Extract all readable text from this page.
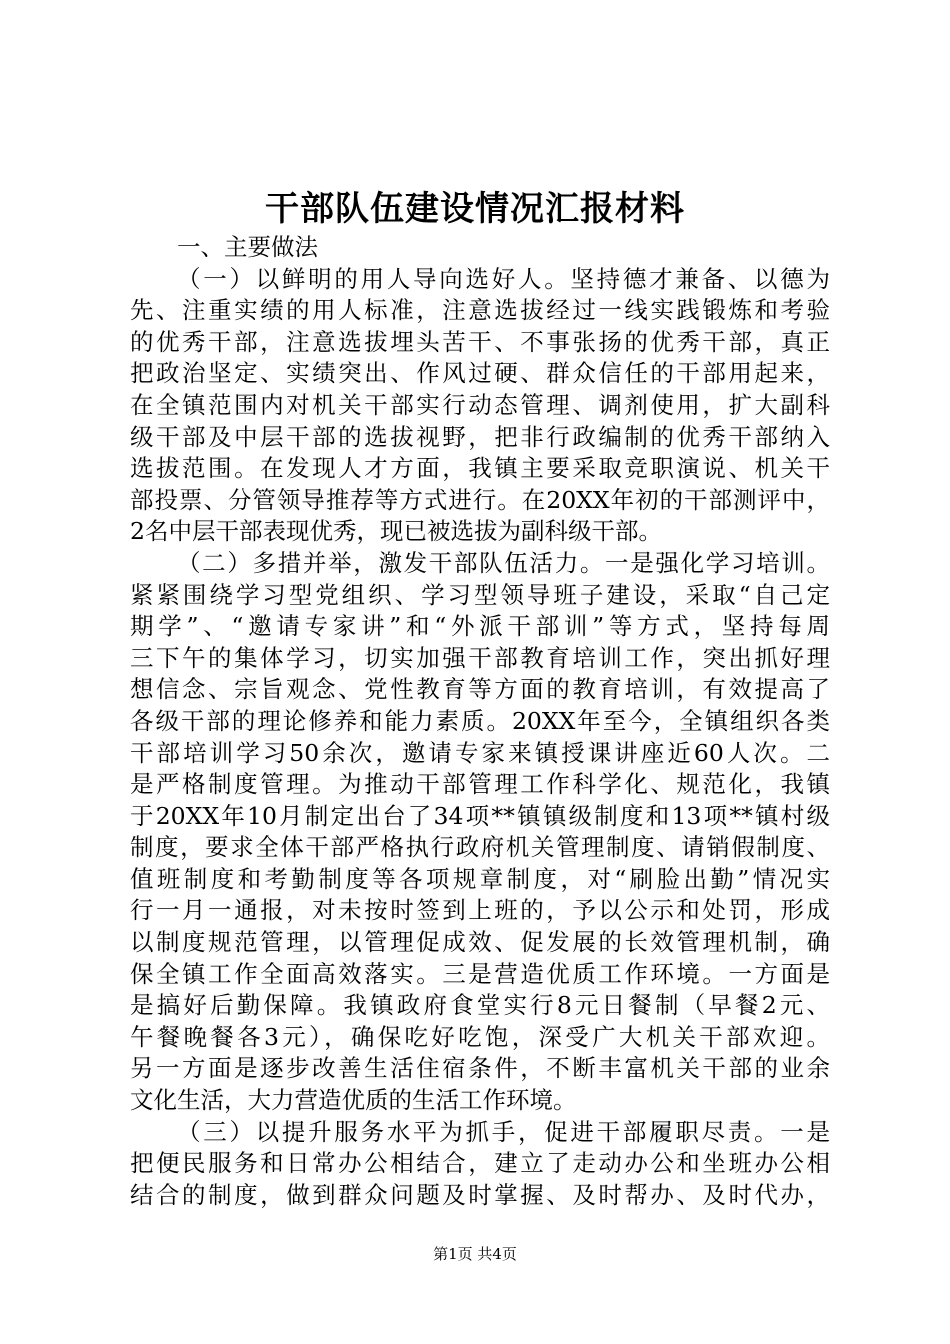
干部队伍建设情况汇报材料
一、主要做法
（一）以鲜明的用人导向选好人。坚持德才兼备、以德为
先、注重实绩的用人标准，注意选拔经过一线实践锻炼和考验
的优秀干部，注意选拔埋头苦干、不事张扬的优秀干部，真正
把政治坚定、实绩突出、作风过硬、群众信任的干部用起来，
在全镇范围内对机关干部实行动态管理、调剂使用，扩大副科
级干部及中层干部的选拔视野，把非行政编制的优秀干部纳入
选拔范围。在发现人才方面，我镇主要采取竞职演说、机关干
部投票、分管领导推荐等方式进行。在20XX年初的干部测评中，
2名中层干部表现优秀，现已被选拔为副科级干部。
（二）多措并举，激发干部队伍活力。一是强化学习培训。
紧紧围绕学习型党组织、学习型领导班子建设，采取“自己定
期学”、“邀请专家讲”和“外派干部训”等方式，坚持每周
三下午的集体学习，切实加强干部教育培训工作，突出抓好理
想信念、宗旨观念、党性教育等方面的教育培训，有效提高了
各级干部的理论修养和能力素质。20XX年至今，全镇组织各类
干部培训学习50余次，邀请专家来镇授课讲座近60人次。二
是严格制度管理。为推动干部管理工作科学化、规范化，我镇
于20XX年10月制定出台了34项**镇镇级制度和13项**镇村级
制度，要求全体干部严格执行政府机关管理制度、请销假制度、
值班制度和考勤制度等各项规章制度，对“刷脸出勤”情况实
行一月一通报，对未按时签到上班的，予以公示和处罚，形成
以制度规范管理，以管理促成效、促发展的长效管理机制，确
保全镇工作全面高效落实。三是营造优质工作环境。一方面是
是搞好后勤保障。我镇政府食堂实行8元日餐制（早餐2元、
午餐晚餐各3元），确保吃好吃饱，深受广大机关干部欢迎。
另一方面是逐步改善生活住宿条件，不断丰富机关干部的业余
文化生活，大力营造优质的生活工作环境。
（三）以提升服务水平为抓手，促进干部履职尽责。一是
把便民服务和日常办公相结合，建立了走动办公和坐班办公相
结合的制度，做到群众问题及时掌握、及时帮办、及时代办，
第1页 共4页
